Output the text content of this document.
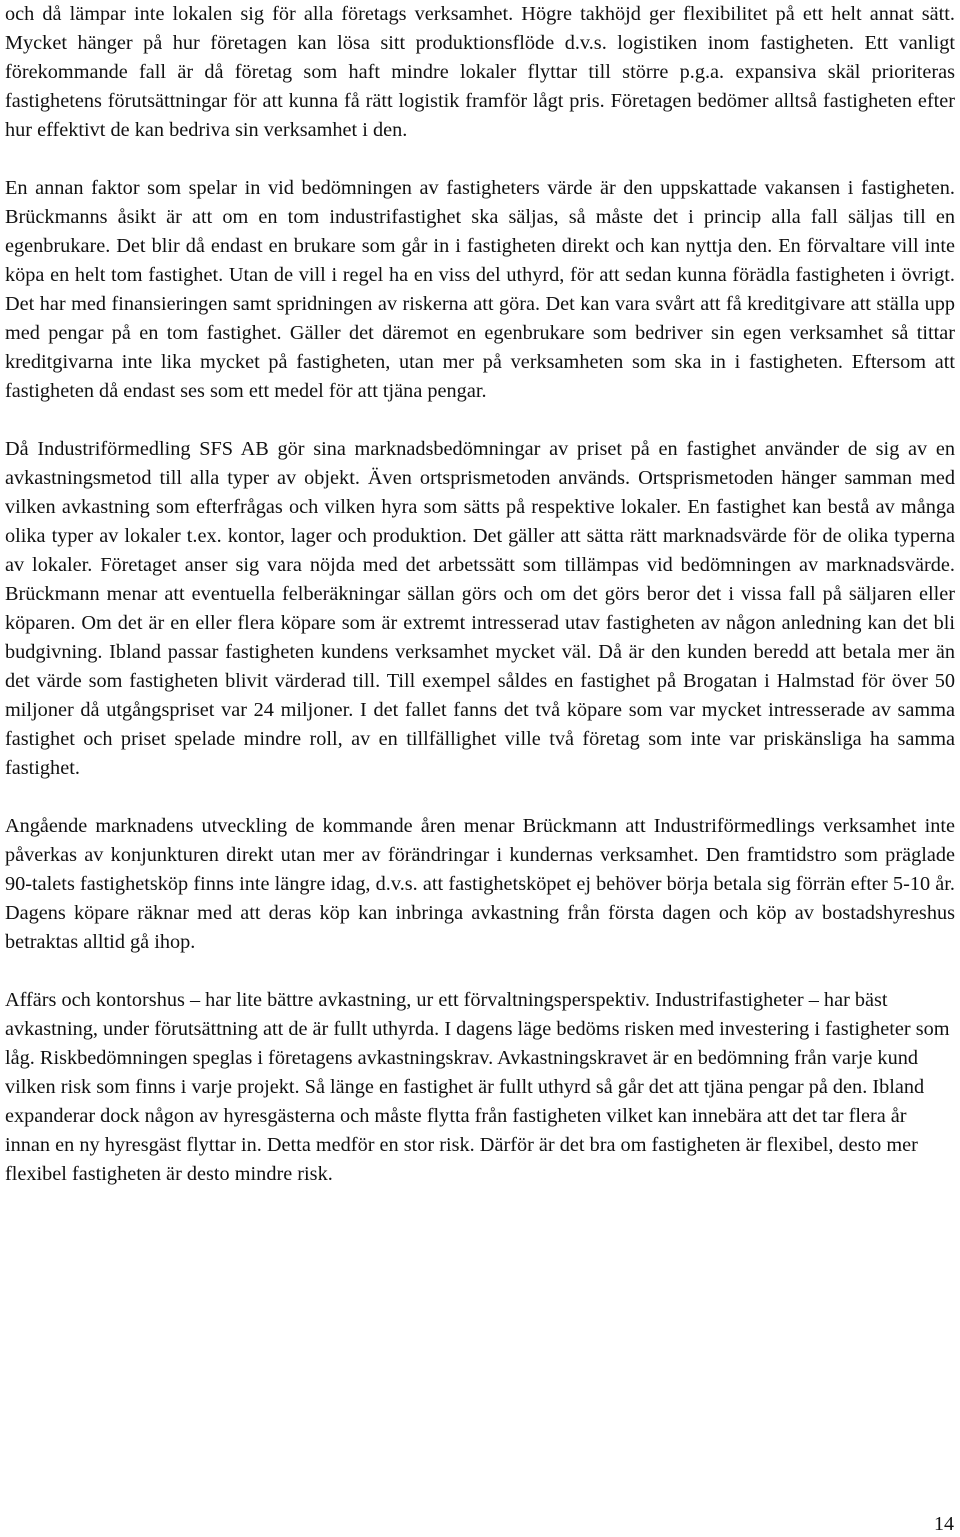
och då lämpar inte lokalen sig för alla företags verksamhet. Högre takhöjd ger flexibilitet på ett helt annat sätt. Mycket hänger på hur företagen kan lösa sitt produktionsflöde d.v.s. logistiken inom fastigheten. Ett vanligt förekommande fall är då företag som haft mindre lokaler flyttar till större p.g.a. expansiva skäl prioriteras fastighetens förutsättningar för att kunna få rätt logistik framför lågt pris. Företagen bedömer alltså fastigheten efter hur effektivt de kan bedriva sin verksamhet i den.

En annan faktor som spelar in vid bedömningen av fastigheters värde är den uppskattade vakansen i fastigheten. Brückmanns åsikt är att om en tom industrifastighet ska säljas, så måste det i princip alla fall säljas till en egenbrukare. Det blir då endast en brukare som går in i fastigheten direkt och kan nyttja den. En förvaltare vill inte köpa en helt tom fastighet. Utan de vill i regel ha en viss del uthyrd, för att sedan kunna förädla fastigheten i övrigt. Det har med finansieringen samt spridningen av riskerna att göra. Det kan vara svårt att få kreditgivare att ställa upp med pengar på en tom fastighet. Gäller det däremot en egenbrukare som bedriver sin egen verksamhet så tittar kreditgivarna inte lika mycket på fastigheten, utan mer på verksamheten som ska in i fastigheten. Eftersom att fastigheten då endast ses som ett medel för att tjäna pengar.

Då Industriförmedling SFS AB gör sina marknadsbedömningar av priset på en fastighet använder de sig av en avkastningsmetod till alla typer av objekt. Även ortsprismetoden används. Ortsprismetoden hänger samman med vilken avkastning som efterfrågas och vilken hyra som sätts på respektive lokaler. En fastighet kan bestå av många olika typer av lokaler t.ex. kontor, lager och produktion. Det gäller att sätta rätt marknadsvärde för de olika typerna av lokaler. Företaget anser sig vara nöjda med det arbetssätt som tillämpas vid bedömningen av marknadsvärde. Brückmann menar att eventuella felberäkningar sällan görs och om det görs beror det i vissa fall på säljaren eller köparen. Om det är en eller flera köpare som är extremt intresserad utav fastigheten av någon anledning kan det bli budgivning. Ibland passar fastigheten kundens verksamhet mycket väl. Då är den kunden beredd att betala mer än det värde som fastigheten blivit värderad till. Till exempel såldes en fastighet på Brogatan i Halmstad för över 50 miljoner då utgångspriset var 24 miljoner. I det fallet fanns det två köpare som var mycket intresserade av samma fastighet och priset spelade mindre roll, av en tillfällighet ville två företag som inte var priskänsliga ha samma fastighet.

Angående marknadens utveckling de kommande åren menar Brückmann att Industriförmedlings verksamhet inte påverkas av konjunkturen direkt utan mer av förändringar i kundernas verksamhet. Den framtidstro som präglade 90-talets fastighetsköp finns inte längre idag, d.v.s. att fastighetsköpet ej behöver börja betala sig förrän efter 5-10 år. Dagens köpare räknar med att deras köp kan inbringa avkastning från första dagen och köp av bostadshyreshus betraktas alltid gå ihop.

Affärs och kontorshus – har lite bättre avkastning, ur ett förvaltningsperspektiv. Industrifastigheter – har bäst avkastning, under förutsättning att de är fullt uthyrda. I dagens läge bedöms risken med investering i fastigheter som låg. Riskbedömningen speglas i företagens avkastningskrav. Avkastningskravet är en bedömning från varje kund vilken risk som finns i varje projekt. Så länge en fastighet är fullt uthyrd så går det att tjäna pengar på den. Ibland expanderar dock någon av hyresgästerna och måste flytta från fastigheten vilket kan innebära att det tar flera år innan en ny hyresgäst flyttar in. Detta medför en stor risk. Därför är det bra om fastigheten är flexibel, desto mer flexibel fastigheten är desto mindre risk.

14
